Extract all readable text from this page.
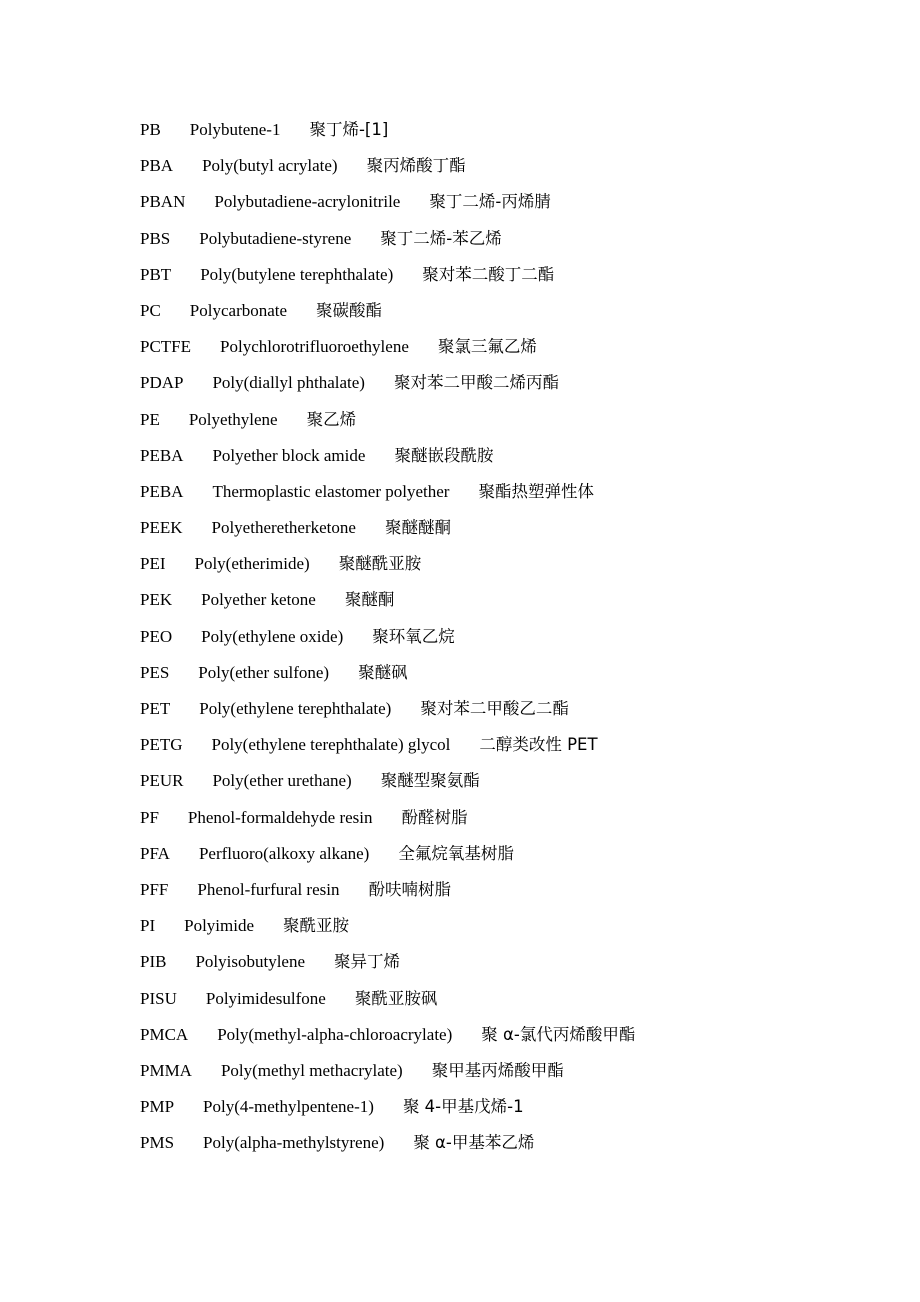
PB Polybutene-1 聚丁烯-[1]
PBA Poly(butyl acrylate) 聚丙烯酸丁酯
PBAN Polybutadiene-acrylonitrile 聚丁二烯-丙烯腈
PBS Polybutadiene-styrene 聚丁二烯-苯乙烯
PBT Poly(butylene terephthalate) 聚对苯二酸丁二酯
PC Polycarbonate 聚碳酸酯
PCTFE Polychlorotrifluoroethylene 聚氯三氟乙烯
PDAP Poly(diallyl phthalate) 聚对苯二甲酸二烯丙酯
PE Polyethylene 聚乙烯
PEBA Polyether block amide 聚醚嵌段酰胺
PEBA Thermoplastic elastomer polyether 聚酯热塑弹性体
PEEK Polyetheretherketone 聚醚醚酮
PEI Poly(etherimide) 聚醚酰亚胺
PEK Polyether ketone 聚醚酮
PEO Poly(ethylene oxide) 聚环氧乙烷
PES Poly(ether sulfone) 聚醚砜
PET Poly(ethylene terephthalate) 聚对苯二甲酸乙二酯
PETG Poly(ethylene terephthalate) glycol 二醇类改性 PET
PEUR Poly(ether urethane) 聚醚型聚氨酯
PF Phenol-formaldehyde resin 酚醛树脂
PFA Perfluoro(alkoxy alkane) 全氟烷氧基树脂
PFF Phenol-furfural resin 酚呋喃树脂
PI Polyimide 聚酰亚胺
PIB Polyisobutylene 聚异丁烯
PISU Polyimidesulfone 聚酰亚胺砜
PMCA Poly(methyl-alpha-chloroacrylate) 聚 α-氯代丙烯酸甲酯
PMMA Poly(methyl methacrylate) 聚甲基丙烯酸甲酯
PMP Poly(4-methylpentene-1) 聚 4-甲基戊烯-1
PMS Poly(alpha-methylstyrene) 聚 α-甲基苯乙烯
